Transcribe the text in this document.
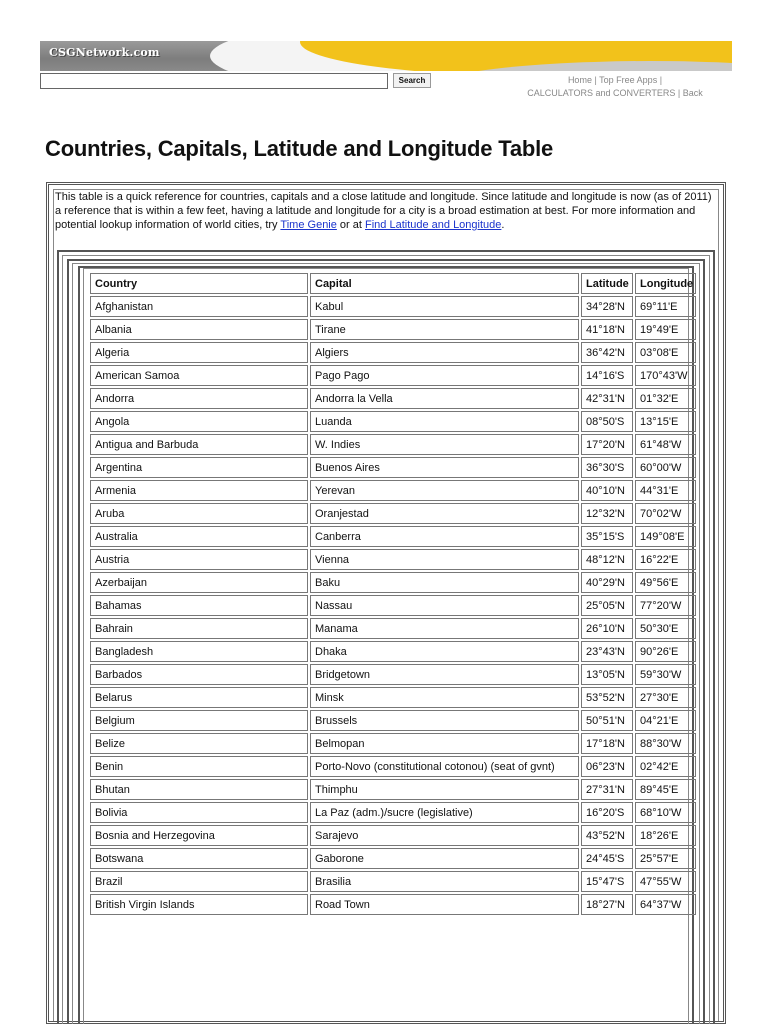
CSGNetwork.com
Search	Home | Top Free Apps |
CALCULATORS and CONVERTERS | Back
Countries, Capitals, Latitude and Longitude Table
This table is a quick reference for countries, capitals and a close latitude and longitude. Since latitude and longitude is now (as of 2011) a reference that is within a few feet, having a latitude and longitude for a city is a broad estimation at best. For more information and potential lookup information of world cities, try Time Genie or at Find Latitude and Longitude.
Country	Capital	Latitude	Longitude
Afghanistan	Kabul	34°28'N	69°11'E
Albania	Tirane	41°18'N	19°49'E
Algeria	Algiers	36°42'N	03°08'E
American Samoa	Pago Pago	14°16'S	170°43'W
Andorra	Andorra la Vella	42°31'N	01°32'E
Angola	Luanda	08°50'S	13°15'E
Antigua and Barbuda	W. Indies	17°20'N	61°48'W
Argentina	Buenos Aires	36°30'S	60°00'W
Armenia	Yerevan	40°10'N	44°31'E
Aruba	Oranjestad	12°32'N	70°02'W
Australia	Canberra	35°15'S	149°08'E
Austria	Vienna	48°12'N	16°22'E
Azerbaijan	Baku	40°29'N	49°56'E
Bahamas	Nassau	25°05'N	77°20'W
Bahrain	Manama	26°10'N	50°30'E
Bangladesh	Dhaka	23°43'N	90°26'E
Barbados	Bridgetown	13°05'N	59°30'W
Belarus	Minsk	53°52'N	27°30'E
Belgium	Brussels	50°51'N	04°21'E
Belize	Belmopan	17°18'N	88°30'W
Benin	Porto-Novo (constitutional cotonou) (seat of gvnt)	06°23'N	02°42'E
Bhutan	Thimphu	27°31'N	89°45'E
Bolivia	La Paz (adm.)/sucre (legislative)	16°20'S	68°10'W
Bosnia and Herzegovina	Sarajevo	43°52'N	18°26'E
Botswana	Gaborone	24°45'S	25°57'E
Brazil	Brasilia	15°47'S	47°55'W
British Virgin Islands	Road Town	18°27'N	64°37'W
